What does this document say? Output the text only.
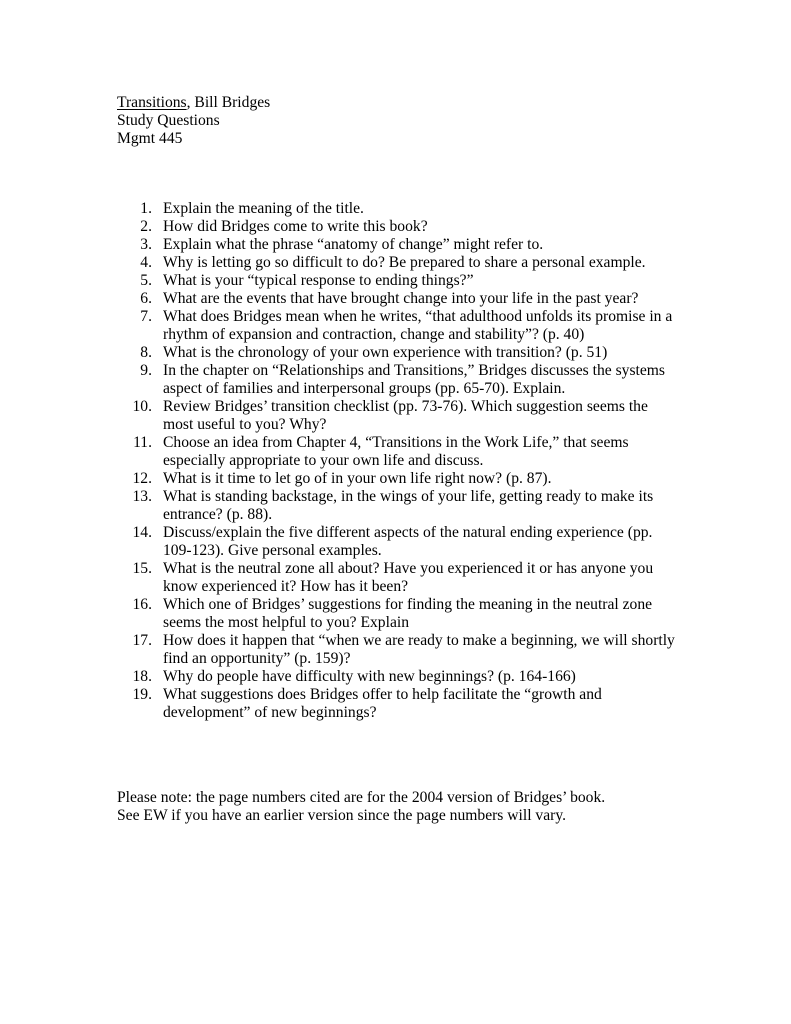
Transitions, Bill Bridges
Study Questions
Mgmt 445
1. Explain the meaning of the title.
2. How did Bridges come to write this book?
3. Explain what the phrase “anatomy of change” might refer to.
4. Why is letting go so difficult to do? Be prepared to share a personal example.
5. What is your “typical response to ending things?”
6. What are the events that have brought change into your life in the past year?
7. What does Bridges mean when he writes, “that adulthood unfolds its promise in a rhythm of expansion and contraction, change and stability”? (p. 40)
8. What is the chronology of your own experience with transition? (p. 51)
9. In the chapter on “Relationships and Transitions,” Bridges discusses the systems aspect of families and interpersonal groups (pp. 65-70). Explain.
10. Review Bridges’ transition checklist (pp. 73-76). Which suggestion seems the most useful to you? Why?
11. Choose an idea from Chapter 4, “Transitions in the Work Life,” that seems especially appropriate to your own life and discuss.
12. What is it time to let go of in your own life right now? (p. 87).
13. What is standing backstage, in the wings of your life, getting ready to make its entrance? (p. 88).
14. Discuss/explain the five different aspects of the natural ending experience (pp. 109-123). Give personal examples.
15. What is the neutral zone all about? Have you experienced it or has anyone you know experienced it? How has it been?
16. Which one of Bridges’ suggestions for finding the meaning in the neutral zone seems the most helpful to you? Explain
17. How does it happen that “when we are ready to make a beginning, we will shortly find an opportunity” (p. 159)?
18. Why do people have difficulty with new beginnings? (p. 164-166)
19. What suggestions does Bridges offer to help facilitate the “growth and development” of new beginnings?
Please note: the page numbers cited are for the 2004 version of Bridges’ book.
See EW if you have an earlier version since the page numbers will vary.
